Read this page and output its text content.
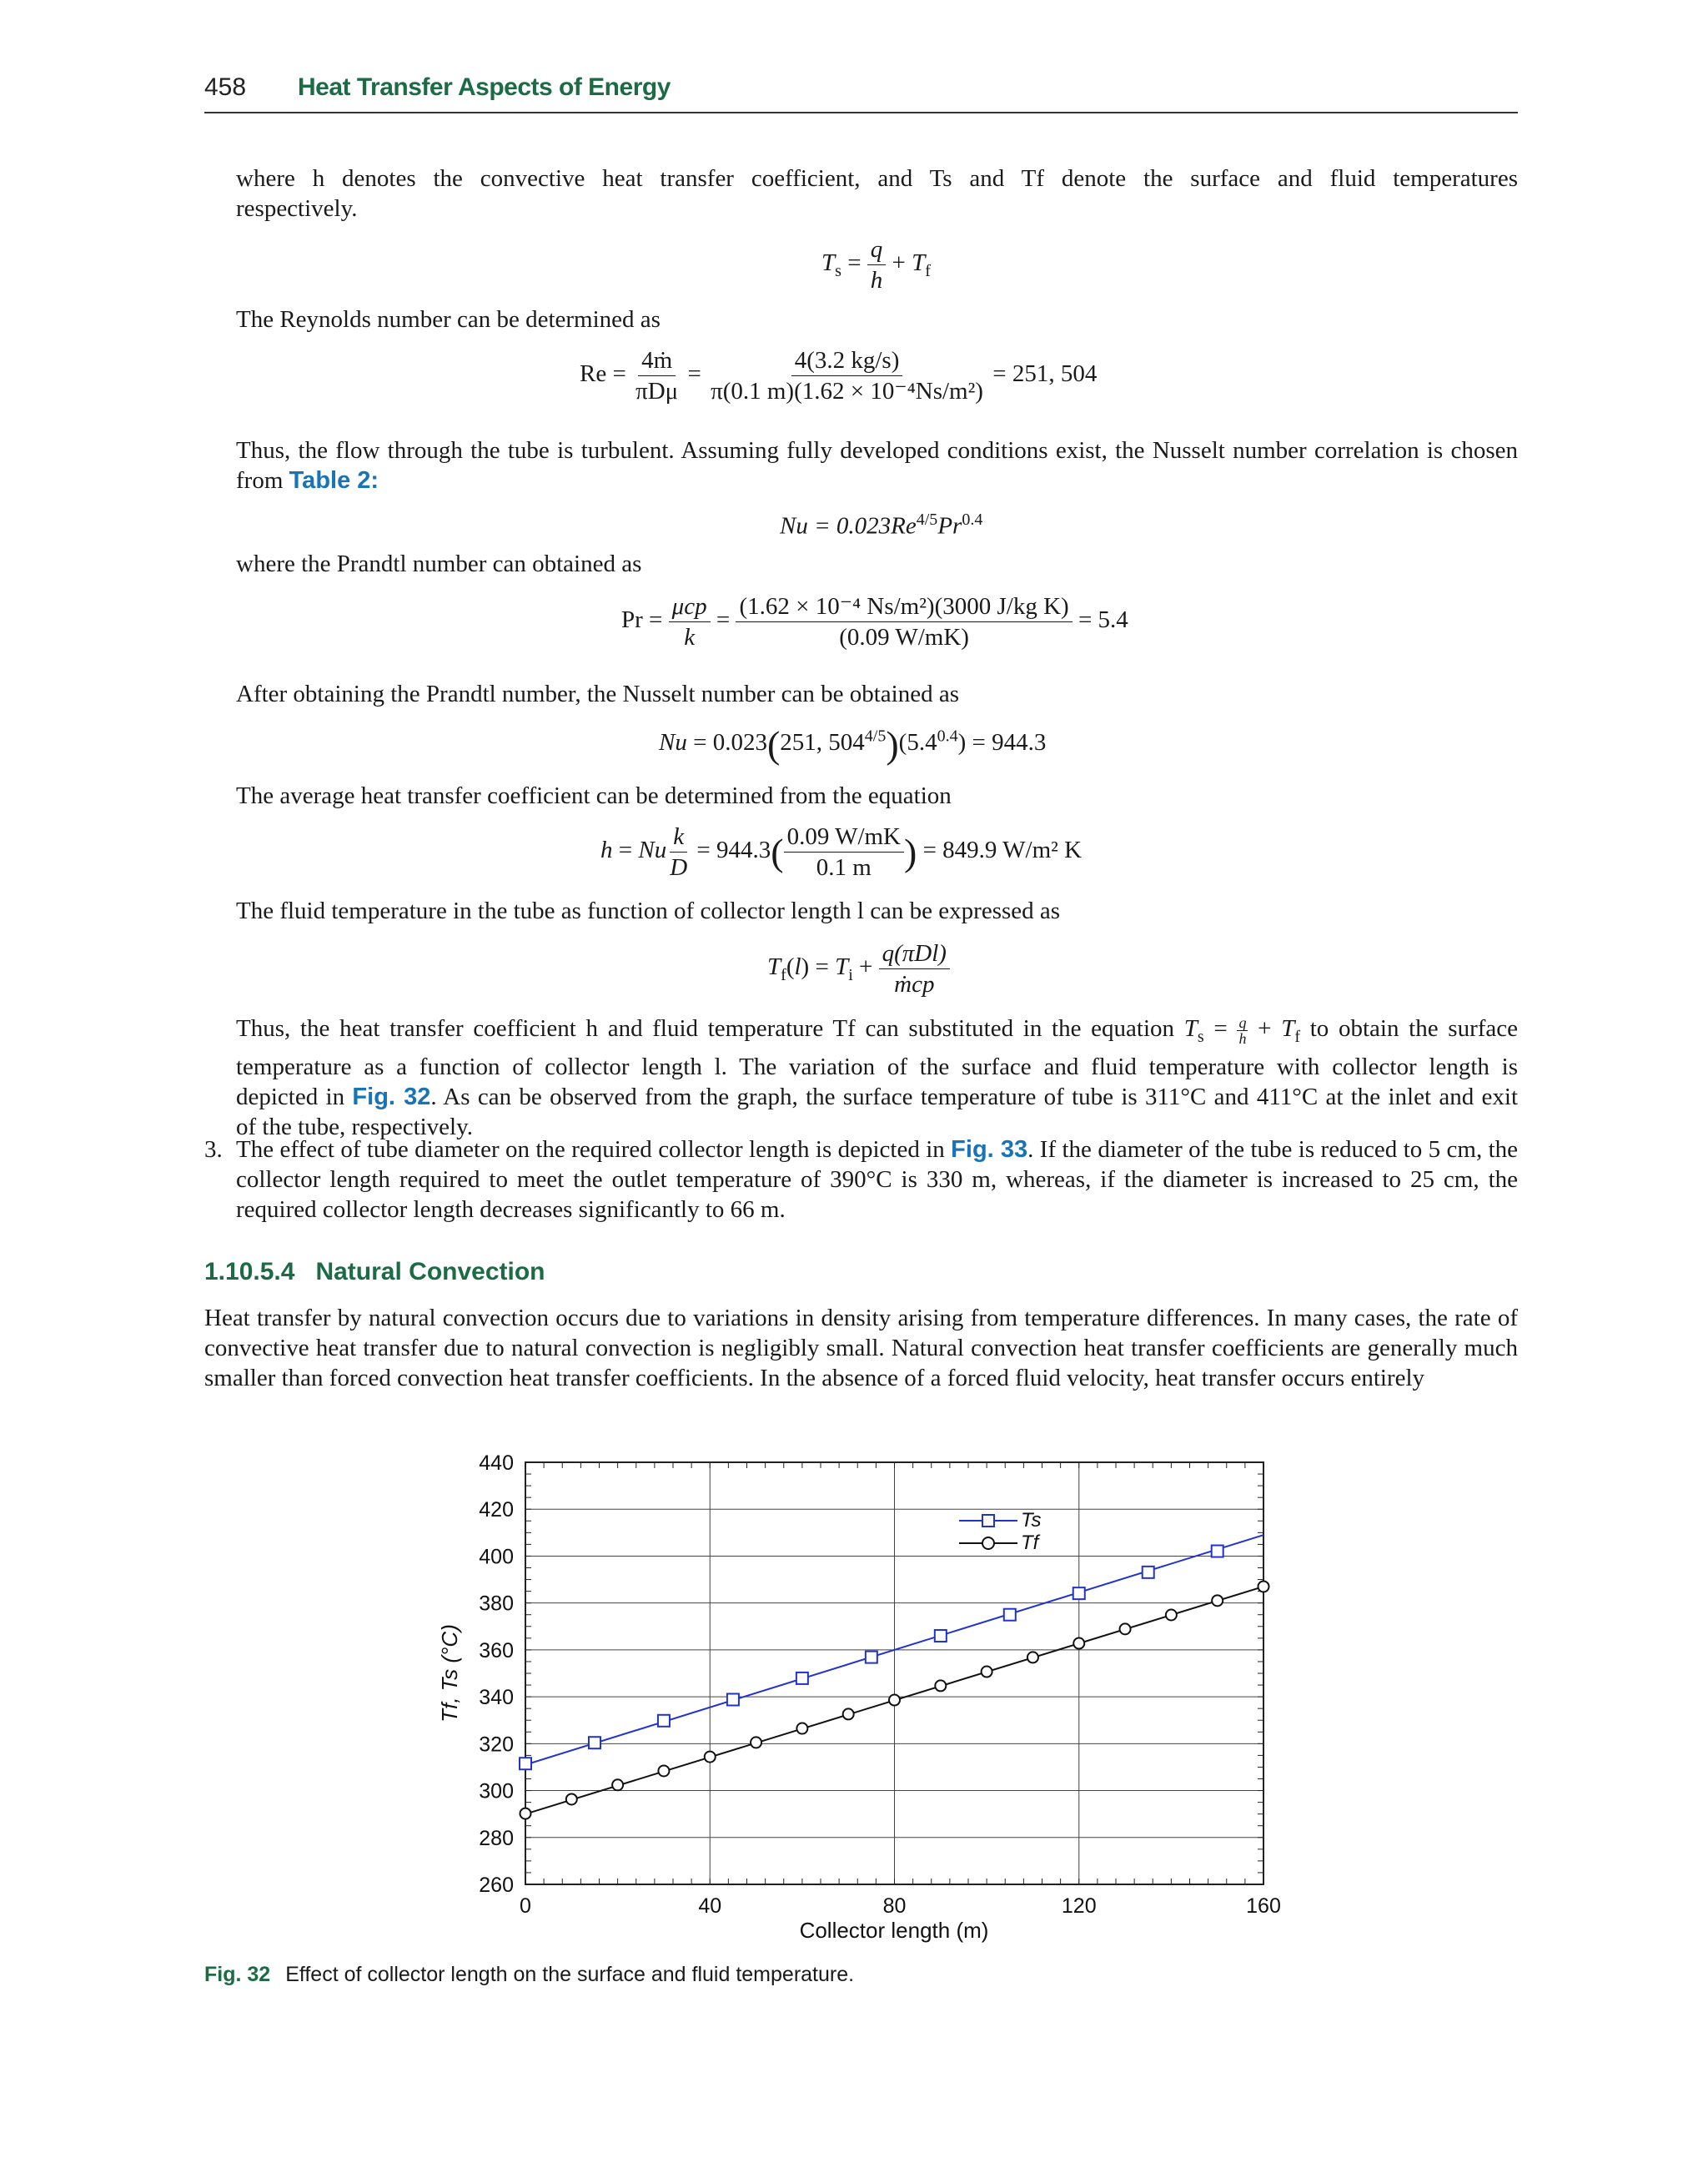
458 Heat Transfer Aspects of Energy
where h denotes the convective heat transfer coefficient, and Ts and Tf denote the surface and fluid temperatures
respectively.
$T_s = \frac{q}{h} + T_f$
The Reynolds number can be determined as
$Re = \frac{\text{4ṁ}}{\text{πDμ}} = \frac{4(3.2 kg/s)}{\text{π(0.1 m)(1.62 × 10⁻⁴Ns/m²)}} = 251$, 504
Thus, the flow through the tube is turbulent. Assuming fully developed conditions exist, the Nusselt number correlation is chosen from Table 2:
$Nu = 0.023Re^{4/5}Pr^{0.4}$
where the Prandtl number can obtained as
$Pr = \frac{\text{μcp}}{k} = \frac{\text{(1.62 × 10⁻⁴ Ns/m²)(3000 J/kg K)}}{(0.09 W/mK)} = 5.4$
After obtaining the Prandtl number, the Nusselt number can be obtained as
Nu = 0.023(251, $504^{4/5})(5.4^{0.4}) = 944.3$
The average heat transfer coefficient can be determined from the equation
h = Nu $\frac{k}{D} = 944.3( \frac{0.09 W/mK}{0.1 m}$ ) = 849.9 W/m² K
The fluid temperature in the tube as function of collector length l can be expressed as
$T_f(l) = T_i + \frac{\text{q(πDl)}}{\text{ṁcp}}$
Thus, the heat transfer coefficient h and fluid temperature Tf can substituted in the equation $T_s = \frac{q}{h} + T_f$ to obtain the surface
temperature as a function of collector length l. The variation of the surface and fluid temperature with collector length is
depicted in Fig. 32. As can be observed from the graph, the surface temperature of tube is 311°C and 411°C at the inlet and exit
of the tube, respectively.
3. The effect of tube diameter on the required collector length is depicted in Fig. 33. If the diameter of the tube is reduced to 5 cm, the collector length required to meet the outlet temperature of 390°C is 330 m, whereas, if the diameter is increased to 25 cm, the required collector length decreases significantly to 66 m.
1.10.5.4 Natural Convection
Heat transfer by natural convection occurs due to variations in density arising from temperature differences. In many cases, the rate of convective heat transfer due to natural convection is negligibly small. Natural convection heat transfer coefficients are generally much smaller than forced convection heat transfer coefficients. In the absence of a forced fluid velocity, heat transfer occurs entirely
260
280
300
320
340
360
380
400
420
440
0	40	80	120	160
Collector length (m)
Tf, Ts (°C)
Ts
Tf
Fig. 32 Effect of collector length on the surface and fluid temperature.
